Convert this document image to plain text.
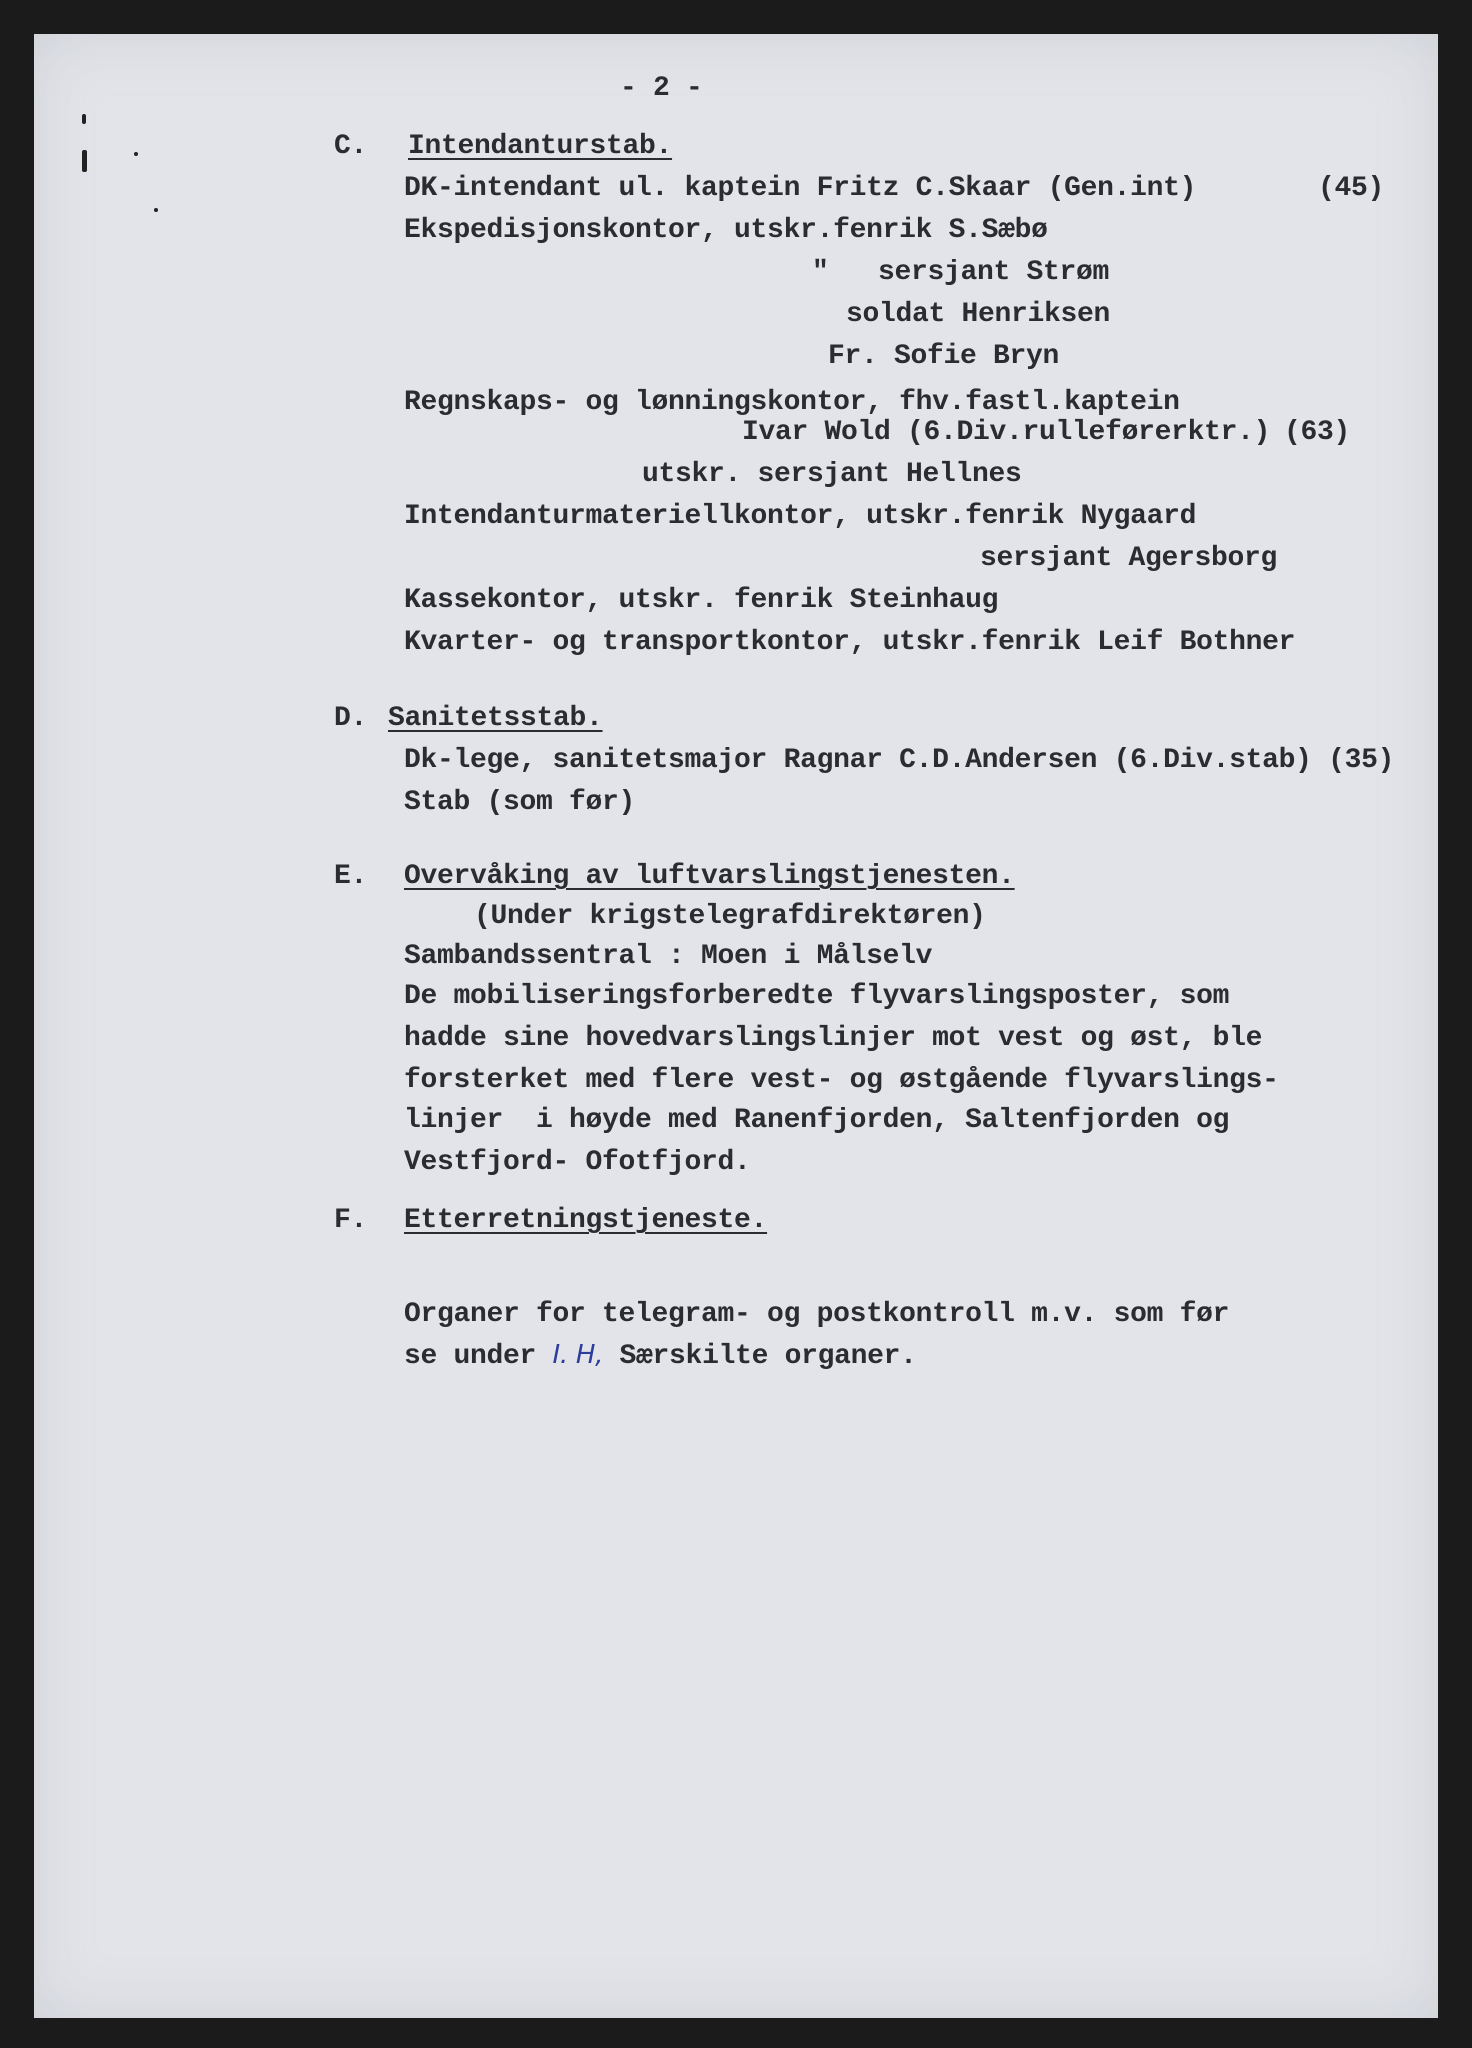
- 2 -
C. Intendanturstab.
DK-intendant ul. kaptein Fritz C.Skaar (Gen.int)	(45)
Ekspedisjonskontor, utskr.fenrik S.Sæbø
"   sersjant Strøm
soldat Henriksen
Fr. Sofie Bryn
Regnskaps- og lønningskontor, fhv.fastl.kaptein
Ivar Wold (6.Div.rulleførerktr.) (63)
utskr. sersjant Hellnes
Intendanturmateriellkontor, utskr.fenrik Nygaard
sersjant Agersborg
Kassekontor, utskr. fenrik Steinhaug
Kvarter- og transportkontor, utskr.fenrik Leif Bothner
D. Sanitetsstab.
Dk-lege, sanitetsmajor Ragnar C.D.Andersen (6.Div.stab) (35)
Stab (som før)
E. Overvåking av luftvarslingstjenesten.
(Under krigstelegrafdirektøren)
Sambandssentral : Moen i Målselv
De mobiliseringsforberedte flyvarslingsposter, som
hadde sine hovedvarslingslinjer mot vest og øst, ble
forsterket med flere vest- og østgående flyvarslings-
linjer  i høyde med Ranenfjorden, Saltenfjorden og
Vestfjord- Ofotfjord.
F. Etterretningstjeneste.
Organer for telegram- og postkontroll m.v. som før
se under I. H, Særskilte organer.
